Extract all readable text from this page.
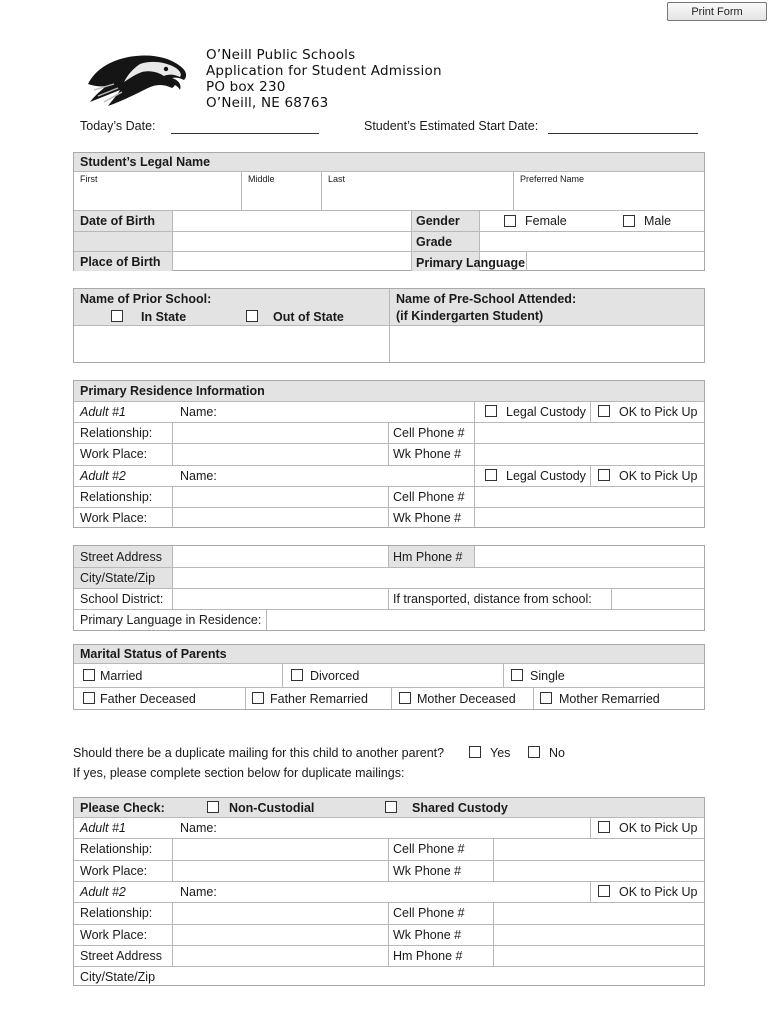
Print Form
O’Neill Public Schools
Application for Student Admission
PO box 230
O’Neill, NE 68763
Today’s Date:	Student’s Estimated Start Date:
Student’s Legal Name
First	Middle	Last	Preferred Name
Date of Birth	Gender	Female	Male
Grade
Place of Birth	Primary Language
Name of Prior School:
In State	Out of State
Name of Pre-School Attended:
(if Kindergarten Student)
Primary Residence Information
Adult #1	Name:	Legal Custody	OK to Pick Up
Relationship:	Cell Phone #
Work Place:	Wk Phone #
Adult #2	Name:	Legal Custody	OK to Pick Up
Relationship:	Cell Phone #
Work Place:	Wk Phone #
Street Address	Hm Phone #
City/State/Zip
School District:	If transported, distance from school:
Primary Language in Residence:
Marital Status of Parents
Married	Divorced	Single
Father Deceased	Father Remarried	Mother Deceased	Mother Remarried
Should there be a duplicate mailing for this child to another parent?	Yes	No
If yes, please complete section below for duplicate mailings:
Please Check:	Non-Custodial	Shared Custody
Adult #1	Name:	OK to Pick Up
Relationship:	Cell Phone #
Work Place:	Wk Phone #
Adult #2	Name:	OK to Pick Up
Relationship:	Cell Phone #
Work Place:	Wk Phone #
Street Address	Hm Phone #
City/State/Zip
